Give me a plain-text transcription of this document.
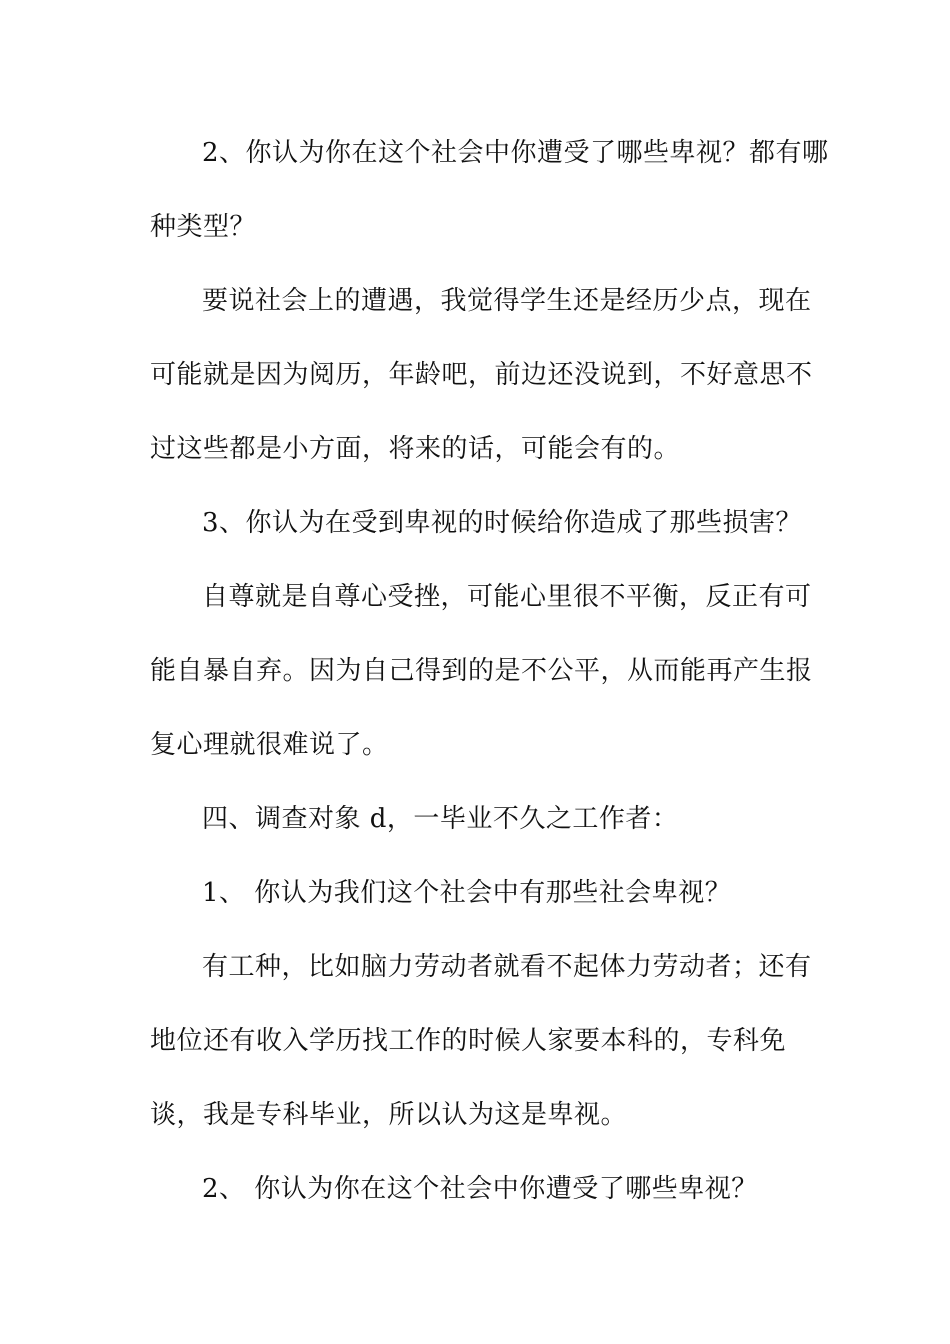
2、你认为你在这个社会中你遭受了哪些卑视？都有哪
种类型？
要说社会上的遭遇，我觉得学生还是经历少点，现在
可能就是因为阅历，年龄吧，前边还没说到，不好意思不
过这些都是小方面，将来的话，可能会有的。
3、你认为在受到卑视的时候给你造成了那些损害？
自尊就是自尊心受挫，可能心里很不平衡，反正有可
能自暴自弃。因为自己得到的是不公平，从而能再产生报
复心理就很难说了。
四、调查对象 d，一毕业不久之工作者：
1、 你认为我们这个社会中有那些社会卑视？
有工种，比如脑力劳动者就看不起体力劳动者；还有
地位还有收入学历找工作的时候人家要本科的，专科免
谈，我是专科毕业，所以认为这是卑视。
2、 你认为你在这个社会中你遭受了哪些卑视？
